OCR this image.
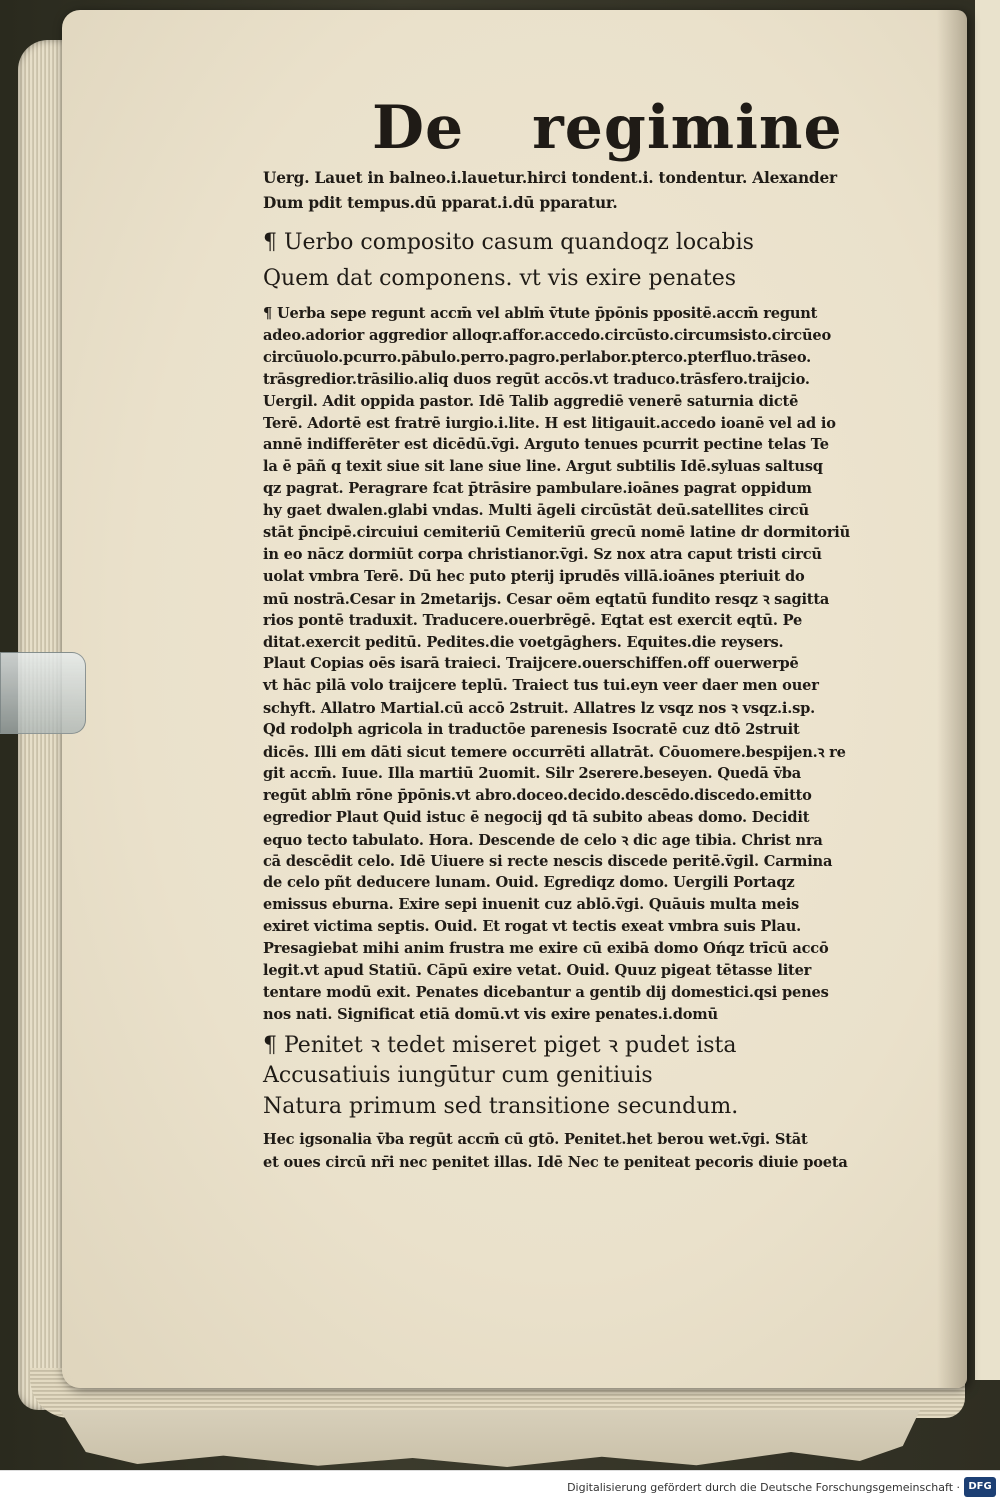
De regimine

Uerg. Lauet in balneo.i.lauetur.hirci tondent.i. tondentur. Alexander

Dum pdit tempus.dū pparat.i.dū pparatur.

¶ Uerbo composito casum quandoqz locabis

Quem dat componens. vt vis exire penates

¶ Uerba sepe regunt accm̄ vel ablm̄ v̄tute p̄pōnis ppositē.accm̄ regunt

adeo.adorior aggredior alloqr.affor.accedo.circūsto.circumsisto.circūeo

circūuolo.pcurro.pābulo.perro.pagro.perlabor.pterco.pterfluo.trāseo.

trāsgredior.trāsilio.aliq duos regūt accōs.vt traduco.trāsfero.traijcio.

Uergil. Adit oppida pastor. Idē Talib aggrediē venerē saturnia dictē

Terē. Adortē est fratrē iurgio.i.lite. H est litigauit.accedo ioanē vel ad io

annē indifferēter est dicēdū.v̄gi. Arguto tenues pcurrit pectine telas Te

la ē pāñ q texit siue sit lane siue line. Argut subtilis Idē.syluas saltusq

qz pagrat. Peragrare fcat p̄trāsire pambulare.ioānes pagrat oppidum

hy gaet dwalen.glabi vndas. Multi āgeli circūstāt deū.satellites circū

stāt p̄ncipē.circuiui cemiteriū Cemiteriū grecū nomē latine dr dormitoriū

in eo nācz dormiūt corpa christianor.v̄gi. Sz nox atra caput tristi circū

uolat vmbra Terē. Dū hec puto pterij iprudēs villā.ioānes pteriuit do

mū nostrā.Cesar in 2metarijs. Cesar oēm eqtatū fundito resqz ꝛ sagitta

rios pontē traduxit. Traducere.ouerbrēgē. Eqtat est exercit eqtū. Pe

ditat.exercit peditū. Pedites.die voetgāghers. Equites.die reysers.

Plaut Copias oēs isarā traieci. Traijcere.ouerschiffen.off ouerwerpē

vt hāc pilā volo traijcere teplū. Traiect tus tui.eyn veer daer men ouer

schyft. Allatro Martial.cū accō 2struit. Allatres lz vsqz nos ꝛ vsqz.i.sp.

Qd rodolph agricola in traductōe parenesis Isocratē cuz dtō 2struit

dicēs. Illi em dāti sicut temere occurrēti allatrāt. Cōuomere.bespijen.ꝛ re

git accm̄. Iuue. Illa martiū 2uomit. Silr 2serere.beseyen. Quedā v̄ba

regūt ablm̄ rōne p̄pōnis.vt abro.doceo.decido.descēdo.discedo.emitto

egredior Plaut Quid istuc ē negocij qd tā subito abeas domo. Decidit

equo tecto tabulato. Hora. Descende de celo ꝛ dic age tibia. Christ nra

cā descēdit celo. Idē Uiuere si recte nescis discede peritē.v̄gil. Carmina

de celo pñt deducere lunam. Ouid. Egrediqz domo. Uergili Portaqz

emissus eburna. Exire sepi inuenit cuz ablō.v̄gi. Quāuis multa meis

exiret victima septis. Ouid. Et rogat vt tectis exeat vmbra suis Plau.

Presagiebat mihi anim frustra me exire cū exibā domo Ońqz trīcū accō

legit.vt apud Statiū. Cāpū exire vetat. Ouid. Quuz pigeat tētasse liter

tentare modū exit. Penates dicebantur a gentib dij domestici.qsi penes

nos nati. Significat etiā domū.vt vis exire penates.i.domū

¶ Penitet ꝛ tedet miseret piget ꝛ pudet ista

Accusatiuis iungūtur cum genitiuis

Natura primum sed transitione secundum.

Hec igsonalia v̄ba regūt accm̄ cū gtō. Penitet.het berou wet.v̄gi. Stāt

et oues circū nr̄i nec penitet illas. Idē Nec te peniteat pecoris diuie poeta

Digitalisierung gefördert durch die Deutsche Forschungsgemeinschaft · DFG
